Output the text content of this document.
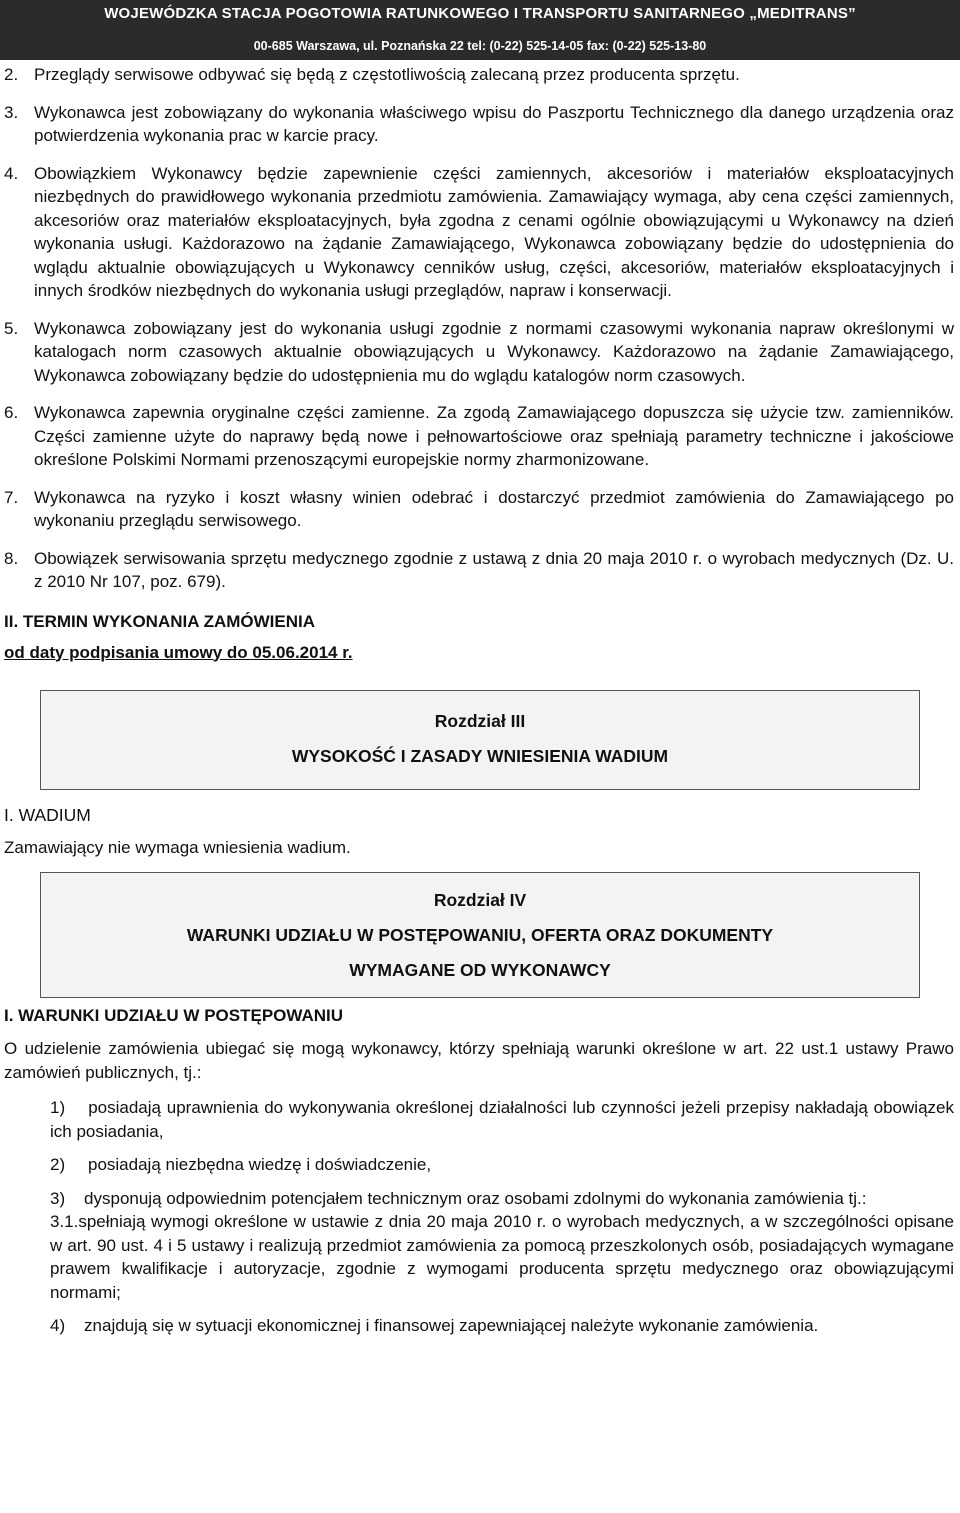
WOJEWÓDZKA STACJA POGOTOWIA RATUNKOWEGO I TRANSPORTU SANITARNEGO „MEDITRANS”
00-685 Warszawa, ul. Poznańska 22 tel: (0-22) 525-14-05 fax: (0-22) 525-13-80
2. Przeglądy serwisowe odbywać się będą z częstotliwością zalecaną przez producenta sprzętu.
3. Wykonawca jest zobowiązany do wykonania właściwego wpisu do Paszportu Technicznego dla danego urządzenia oraz potwierdzenia wykonania prac w karcie pracy.
4. Obowiązkiem Wykonawcy będzie zapewnienie części zamiennych, akcesoriów i materiałów eksploatacyjnych niezbędnych do prawidłowego wykonania przedmiotu zamówienia. Zamawiający wymaga, aby cena części zamiennych, akcesoriów oraz materiałów eksploatacyjnych, była zgodna z cenami ogólnie obowiązującymi u Wykonawcy na dzień wykonania usługi. Każdorazowo na żądanie Zamawiającego, Wykonawca zobowiązany będzie do udostępnienia do wglądu aktualnie obowiązujących u Wykonawcy cenników usług, części, akcesoriów, materiałów eksploatacyjnych i innych środków niezbędnych do wykonania usługi przeglądów, napraw i konserwacji.
5. Wykonawca zobowiązany jest do wykonania usługi zgodnie z normami czasowymi wykonania napraw określonymi w katalogach norm czasowych aktualnie obowiązujących u Wykonawcy. Każdorazowo na żądanie Zamawiającego, Wykonawca zobowiązany będzie do udostępnienia mu do wglądu katalogów norm czasowych.
6. Wykonawca zapewnia oryginalne części zamienne. Za zgodą Zamawiającego dopuszcza się użycie tzw. zamienników. Części zamienne użyte do naprawy będą nowe i pełnowartościowe oraz spełniają parametry techniczne i jakościowe określone Polskimi Normami przenoszącymi europejskie normy zharmonizowane.
7. Wykonawca na ryzyko i koszt własny winien odebrać i dostarczyć przedmiot zamówienia do Zamawiającego po wykonaniu przeglądu serwisowego.
8. Obowiązek serwisowania sprzętu medycznego zgodnie z ustawą z dnia 20 maja 2010 r. o wyrobach medycznych (Dz. U. z 2010 Nr 107, poz. 679).
II. TERMIN WYKONANIA ZAMÓWIENIA
od daty podpisania umowy do 05.06.2014 r.
Rozdział III
WYSOKOŚĆ I ZASADY WNIESIENIA WADIUM
I. WADIUM
Zamawiający nie wymaga wniesienia wadium.
Rozdział IV
WARUNKI UDZIAŁU W POSTĘPOWANIU, OFERTA ORAZ DOKUMENTY
WYMAGANE OD WYKONAWCY
I. WARUNKI UDZIAŁU W POSTĘPOWANIU
O udzielenie zamówienia ubiegać się mogą wykonawcy, którzy spełniają warunki określone w art. 22 ust.1 ustawy Prawo zamówień publicznych, tj.:
1) posiadają uprawnienia do wykonywania określonej działalności lub czynności jeżeli przepisy nakładają obowiązek ich posiadania,
2) posiadają niezbędna wiedzę i doświadczenie,
3) dysponują odpowiednim potencjałem technicznym oraz osobami zdolnymi do wykonania zamówienia tj.:
3.1.spełniają wymogi określone w ustawie z dnia 20 maja 2010 r. o wyrobach medycznych, a w szczególności opisane w art. 90 ust. 4 i 5 ustawy i realizują przedmiot zamówienia za pomocą przeszkolonych osób, posiadających wymagane prawem kwalifikacje i autoryzacje, zgodnie z wymogami producenta sprzętu medycznego oraz obowiązującymi normami;
4) znajdują się w sytuacji ekonomicznej i finansowej zapewniającej należyte wykonanie zamówienia.
